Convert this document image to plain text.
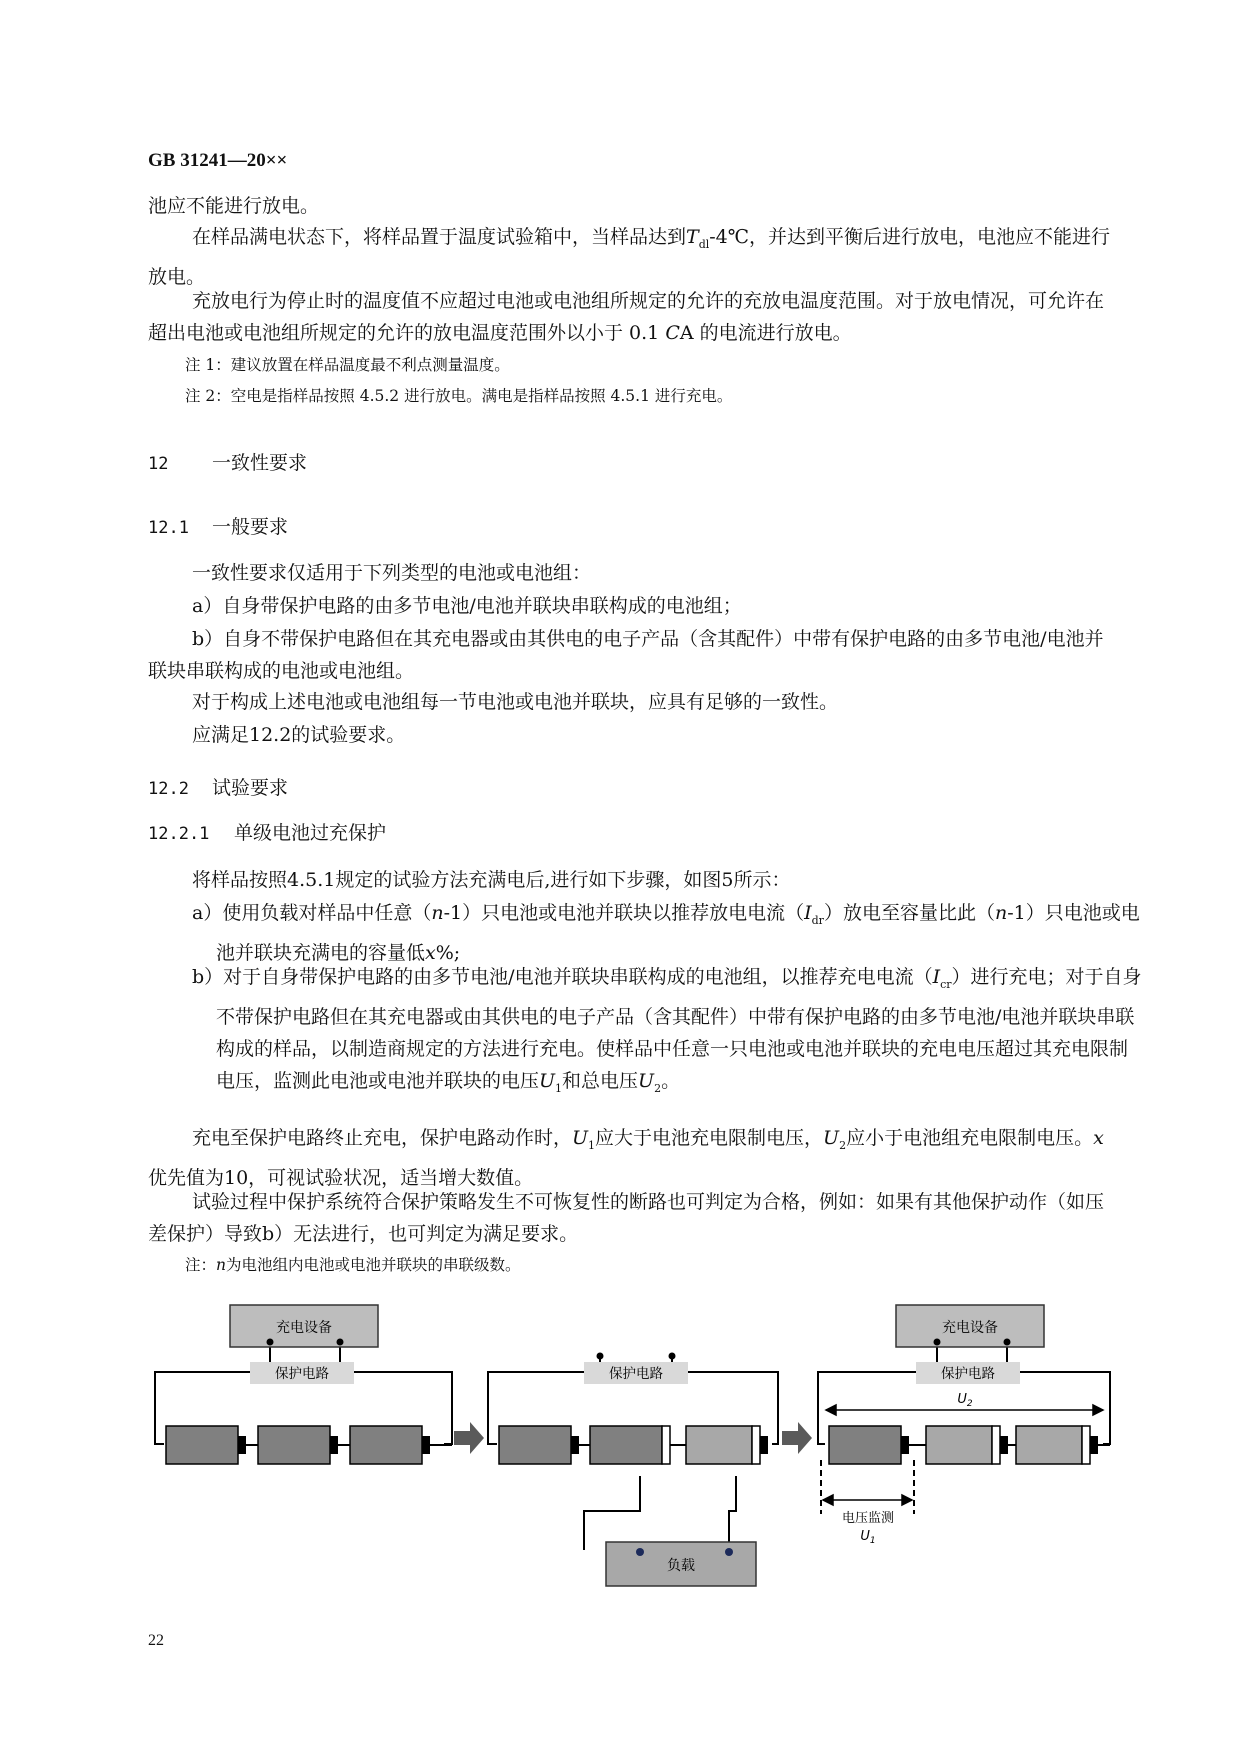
GB 31241—20××
池应不能进行放电。
在样品满电状态下，将样品置于温度试验箱中，当样品达到$T_{dl}-4℃$，并达到平衡后进行放电，电池应不能进行放电。
充放电行为停止时的温度值不应超过电池或电池组所规定的允许的充放电温度范围。对于放电情况，可允许在超出电池或电池组所规定的允许的放电温度范围外以小于 0.1 CA 的电流进行放电。
注 1：建议放置在样品温度最不利点测量温度。
注 2：空电是指样品按照 4.5.2 进行放电。满电是指样品按照 4.5.1 进行充电。
12 一致性要求
12.1 一般要求
一致性要求仅适用于下列类型的电池或电池组：
a）自身带保护电路的由多节电池/电池并联块串联构成的电池组；
b）自身不带保护电路但在其充电器或由其供电的电子产品（含其配件）中带有保护电路的由多节电池/电池并联块串联构成的电池或电池组。
对于构成上述电池或电池组每一节电池或电池并联块，应具有足够的一致性。
应满足12.2的试验要求。
12.2 试验要求
12.2.1 单级电池过充保护
将样品按照4.5.1规定的试验方法充满电后,进行如下步骤，如图5所示：
a）使用负载对样品中任意（n-1）只电池或电池并联块以推荐放电电流$(I_{dr})$放电至容量比此（n-1）只电池或电池并联块充满电的容量低x%;
b）对于自身带保护电路的由多节电池/电池并联块串联构成的电池组，以推荐充电电流$(I_{cr})$进行充电；对于自身不带保护电路但在其充电器或由其供电的电子产品（含其配件）中带有保护电路的由多节电池/电池并联块串联构成的样品，以制造商规定的方法进行充电。使样品中任意一只电池或电池并联块的充电电压超过其充电限制电压，监测此电池或电池并联块的电压$U_1$和总电压$U_2$。
充电至保护电路终止充电，保护电路动作时，$U_1$应大于电池充电限制电压，$U_2$应小于电池组充电限制电压。x优先值为10，可视试验状况，适当增大数值。
试验过程中保护系统符合保护策略发生不可恢复性的断路也可判定为合格，例如：如果有其他保护动作（如压差保护）导致b）无法进行，也可判定为满足要求。
注：n为电池组内电池或电池并联块的串联级数。
充电设备
保护电路	保护电路
负载
充电设备
保护电路
$U_2$
电压监测
$U_1$
22
